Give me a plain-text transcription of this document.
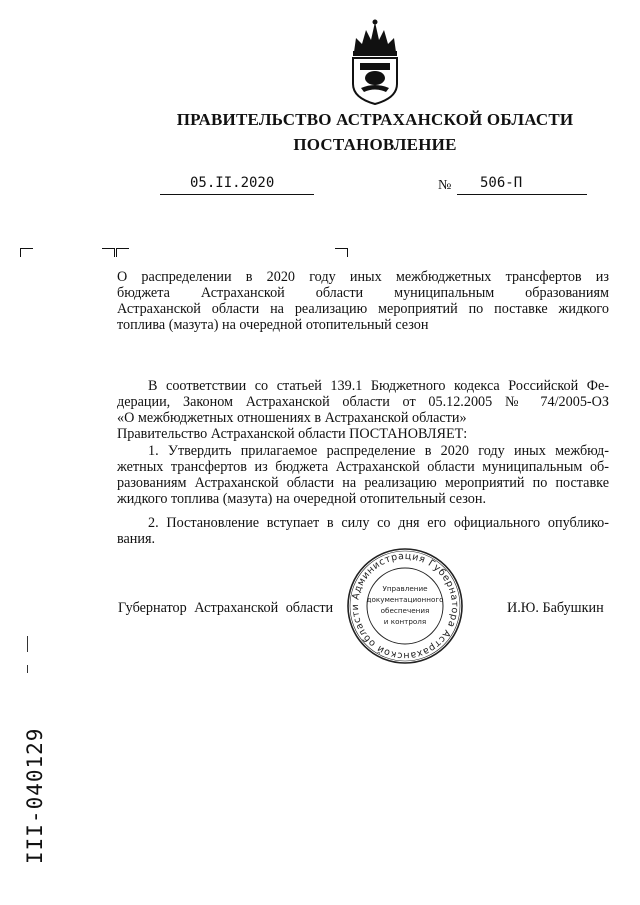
ПРАВИТЕЛЬСТВО АСТРАХАНСКОЙ ОБЛАСТИ
ПОСТАНОВЛЕНИЕ
05.II.2020	№ 506-П
О распределении в 2020 году иных межбюджетных трансфертов из
бюджета Астраханской области муниципальным образованиям
Астраханской области на реализацию мероприятий по поставке жидкого
топлива (мазута) на очередной отопительный сезон
В соответствии со статьей 139.1 Бюджетного кодекса Российской Фе-
дерации, Законом Астраханской области от 05.12.2005 № 74/2005-ОЗ
«О межбюджетных отношениях в Астраханской области»
Правительство Астраханской области ПОСТАНОВЛЯЕТ:
1. Утвердить прилагаемое распределение в 2020 году иных межбюд-
жетных трансфертов из бюджета Астраханской области муниципальным об-
разованиям Астраханской области на реализацию мероприятий по поставке
жидкого топлива (мазута) на очередной отопительный сезон.
2. Постановление вступает в силу со дня его официального опублико-
вания.
Губернатор Астраханской области	И.Ю. Бабушкин
Администрация Губернатора Астраханской области
Управление
документационного
обеспечения
и контроля
III-040129
